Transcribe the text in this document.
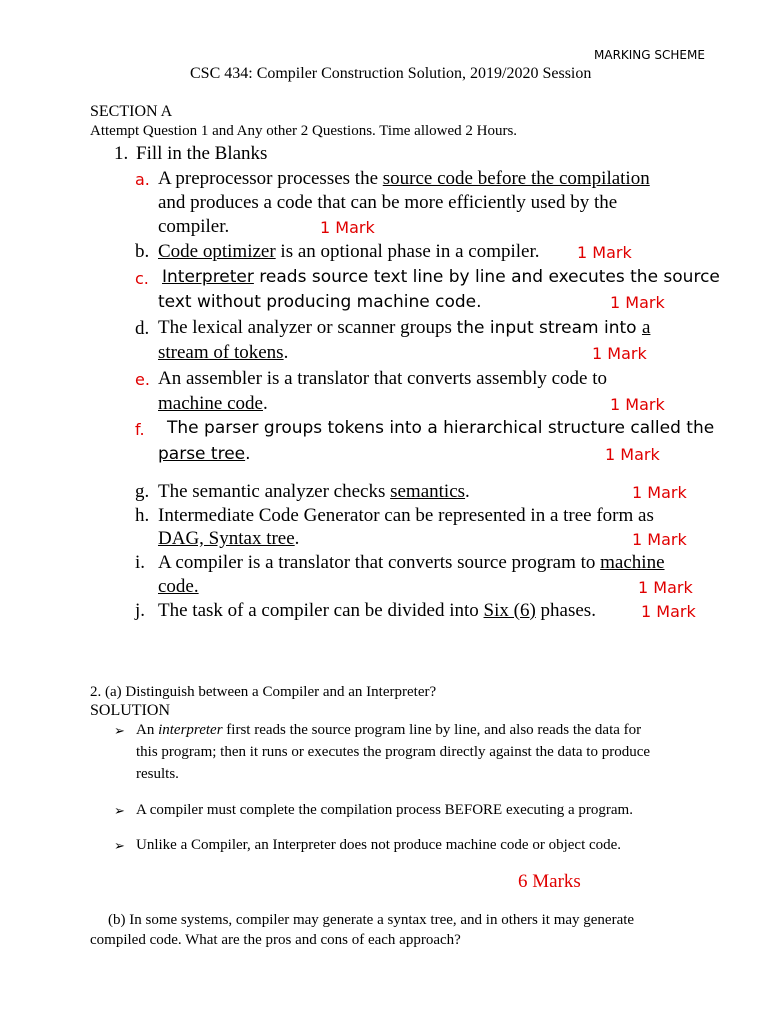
MARKING SCHEME
CSC 434: Compiler Construction Solution, 2019/2020 Session
SECTION A
Attempt Question 1 and Any other 2 Questions. Time allowed 2 Hours.
1. Fill in the Blanks
a. A preprocessor processes the source code before the compilation
and produces a code that can be more efficiently used by the
compiler.	1 Mark
b. Code optimizer is an optional phase in a compiler. 1 Mark
c. Interpreter reads source text line by line and executes the source
text without producing machine code.	1 Mark
d. The lexical analyzer or scanner groups the input stream into a
stream of tokens.	1 Mark
e. An assembler is a translator that converts assembly code to
machine code.	1 Mark
f. The parser groups tokens into a hierarchical structure called the
parse tree.	1 Mark
g. The semantic analyzer checks semantics.	1 Mark
h. Intermediate Code Generator can be represented in a tree form as
DAG, Syntax tree.	1 Mark
i. A compiler is a translator that converts source program to machine
code.	1 Mark
j. The task of a compiler can be divided into Six (6) phases.	1 Mark
2. (a) Distinguish between a Compiler and an Interpreter?
SOLUTION
➢ An interpreter first reads the source program line by line, and also reads the data for
this program; then it runs or executes the program directly against the data to produce
results.
➢ A compiler must complete the compilation process BEFORE executing a program.
➢ Unlike a Compiler, an Interpreter does not produce machine code or object code.
6 Marks
(b) In some systems, compiler may generate a syntax tree, and in others it may generate
compiled code. What are the pros and cons of each approach?
